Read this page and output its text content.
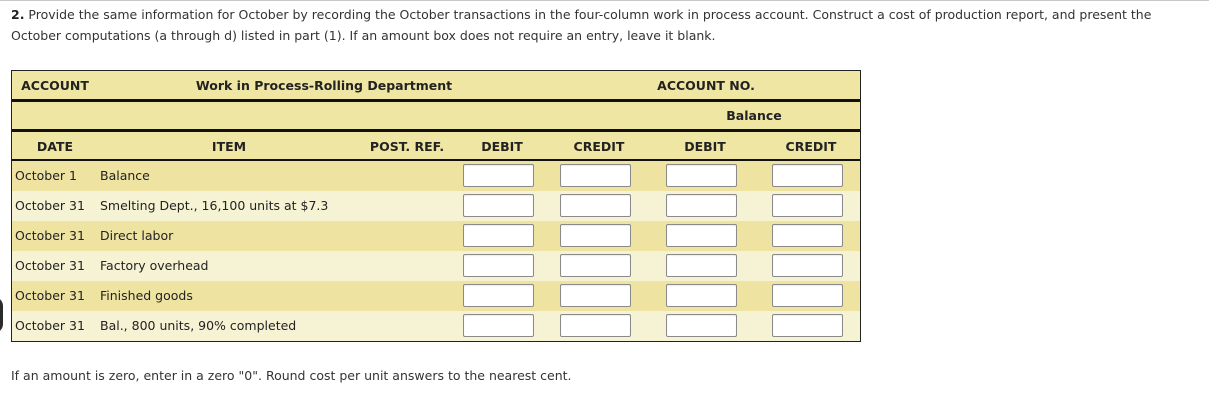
2. Provide the same information for October by recording the October transactions in the four-column work in process account. Construct a cost of production report, and present the October computations (a through d) listed in part (1). If an amount box does not require an entry, leave it blank.
ACCOUNT	Work in Process-Rolling Department	ACCOUNT NO.
Balance
DATE	ITEM	POST. REF.	DEBIT	CREDIT	DEBIT	CREDIT
October 1 Balance
October 31 Smelting Dept., 16,100 units at $7.3
October 31 Direct labor
October 31 Factory overhead
October 31 Finished goods
October 31 Bal., 800 units, 90% completed
If an amount is zero, enter in a zero "0". Round cost per unit answers to the nearest cent.
